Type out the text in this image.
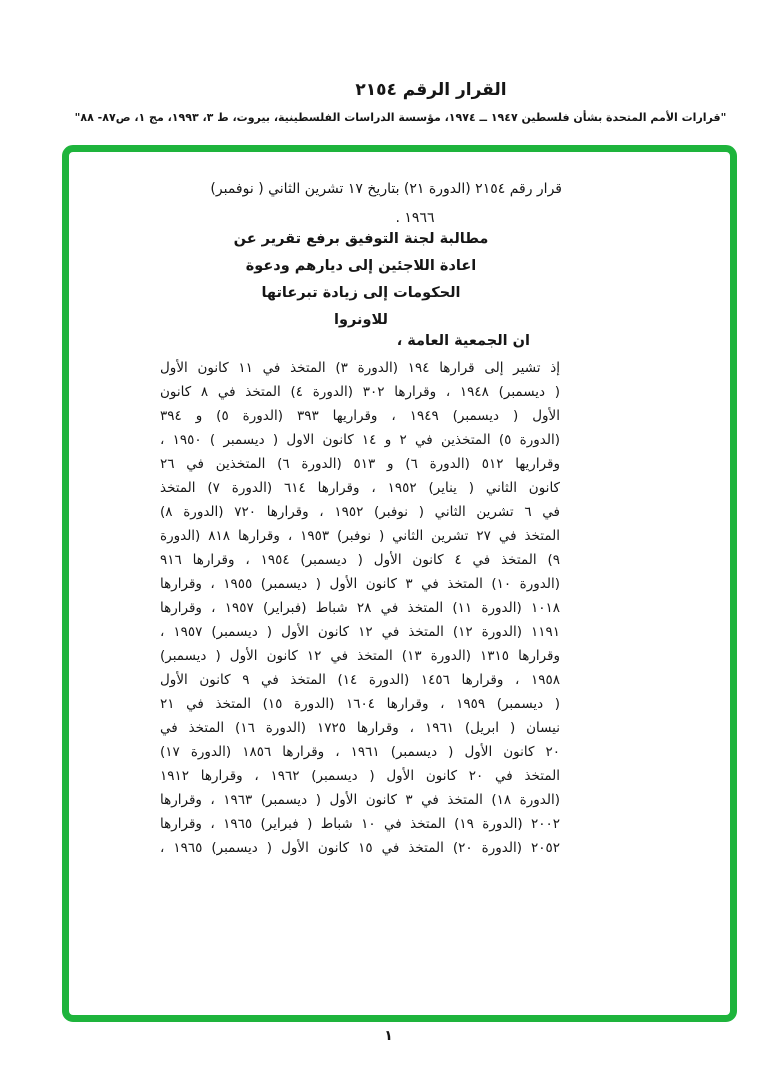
القرار الرقم ٢١٥٤
"قرارات الأمم المتحدة بشأن فلسطين ١٩٤٧ ــ ١٩٧٤، مؤسسة الدراسات الفلسطينية، بيروت، ط ٣، ١٩٩٣، مج ١، ص٨٧- ٨٨"
قرار رقم ٢١٥٤ (الدورة ٢١) بتاريخ ١٧ تشرين الثاني ( نوفمبر)
١٩٦٦ .
مطالبة لجنة التوفيق برفع تقرير عن
اعادة اللاجئين إلى ديارهم ودعوة
الحكومات إلى زيادة تبرعاتها
للاونروا
ان الجمعية العامة ،
إذ تشير إلى قرارها ١٩٤ (الدورة ٣) المتخذ في ١١ كانون الأول
( ديسمبر) ١٩٤٨ ، وقرارها ٣٠٢ (الدورة ٤) المتخذ في ٨ كانون
الأول ( ديسمبر) ١٩٤٩ ، وقراريها ٣٩٣ (الدورة ٥) و ٣٩٤
(الدورة ٥) المتخذين في ٢ و ١٤ كانون الاول ( ديسمبر ) ١٩٥٠ ،
وقراريها ٥١٢ (الدورة ٦) و ٥١٣ (الدورة ٦) المتخذين في ٢٦
كانون الثاني ( يناير) ١٩٥٢ ، وقرارها ٦١٤ (الدورة ٧) المتخذ
في ٦ تشرين الثاني ( نوفبر) ١٩٥٢ ، وقرارها ٧٢٠ (الدورة ٨)
المتخذ في ٢٧ تشرين الثاني ( نوفبر) ١٩٥٣ ، وقرارها ٨١٨ (الدورة
٩) المتخذ في ٤ كانون الأول ( ديسمبر) ١٩٥٤ ، وقرارها ٩١٦
(الدورة ١٠) المتخذ في ٣ كانون الأول ( ديسمبر) ١٩٥٥ ، وقرارها
١٠١٨ (الدورة ١١) المتخذ في ٢٨ شباط (فبراير) ١٩٥٧ ، وقرارها
١١٩١ (الدورة ١٢) المتخذ في ١٢ كانون الأول ( ديسمبر) ١٩٥٧ ،
وقرارها ١٣١٥ (الدورة ١٣) المتخذ في ١٢ كانون الأول ( ديسمبر)
١٩٥٨ ، وقرارها ١٤٥٦ (الدورة ١٤) المتخذ في ٩ كانون الأول
( ديسمبر) ١٩٥٩ ، وقرارها ١٦٠٤ (الدورة ١٥) المتخذ في ٢١
نيسان ( ابريل) ١٩٦١ ، وقرارها ١٧٢٥ (الدورة ١٦) المتخذ في
٢٠ كانون الأول ( ديسمبر) ١٩٦١ ، وقرارها ١٨٥٦ (الدورة ١٧)
المتخذ في ٢٠ كانون الأول ( ديسمبر) ١٩٦٢ ، وقرارها ١٩١٢
(الدورة ١٨) المتخذ في ٣ كانون الأول ( ديسمبر) ١٩٦٣ ، وقرارها
٢٠٠٢ (الدورة ١٩) المتخذ في ١٠ شباط ( فبراير) ١٩٦٥ ، وقرارها
٢٠٥٢ (الدورة ٢٠) المتخذ في ١٥ كانون الأول ( ديسمبر) ١٩٦٥ ،
١
